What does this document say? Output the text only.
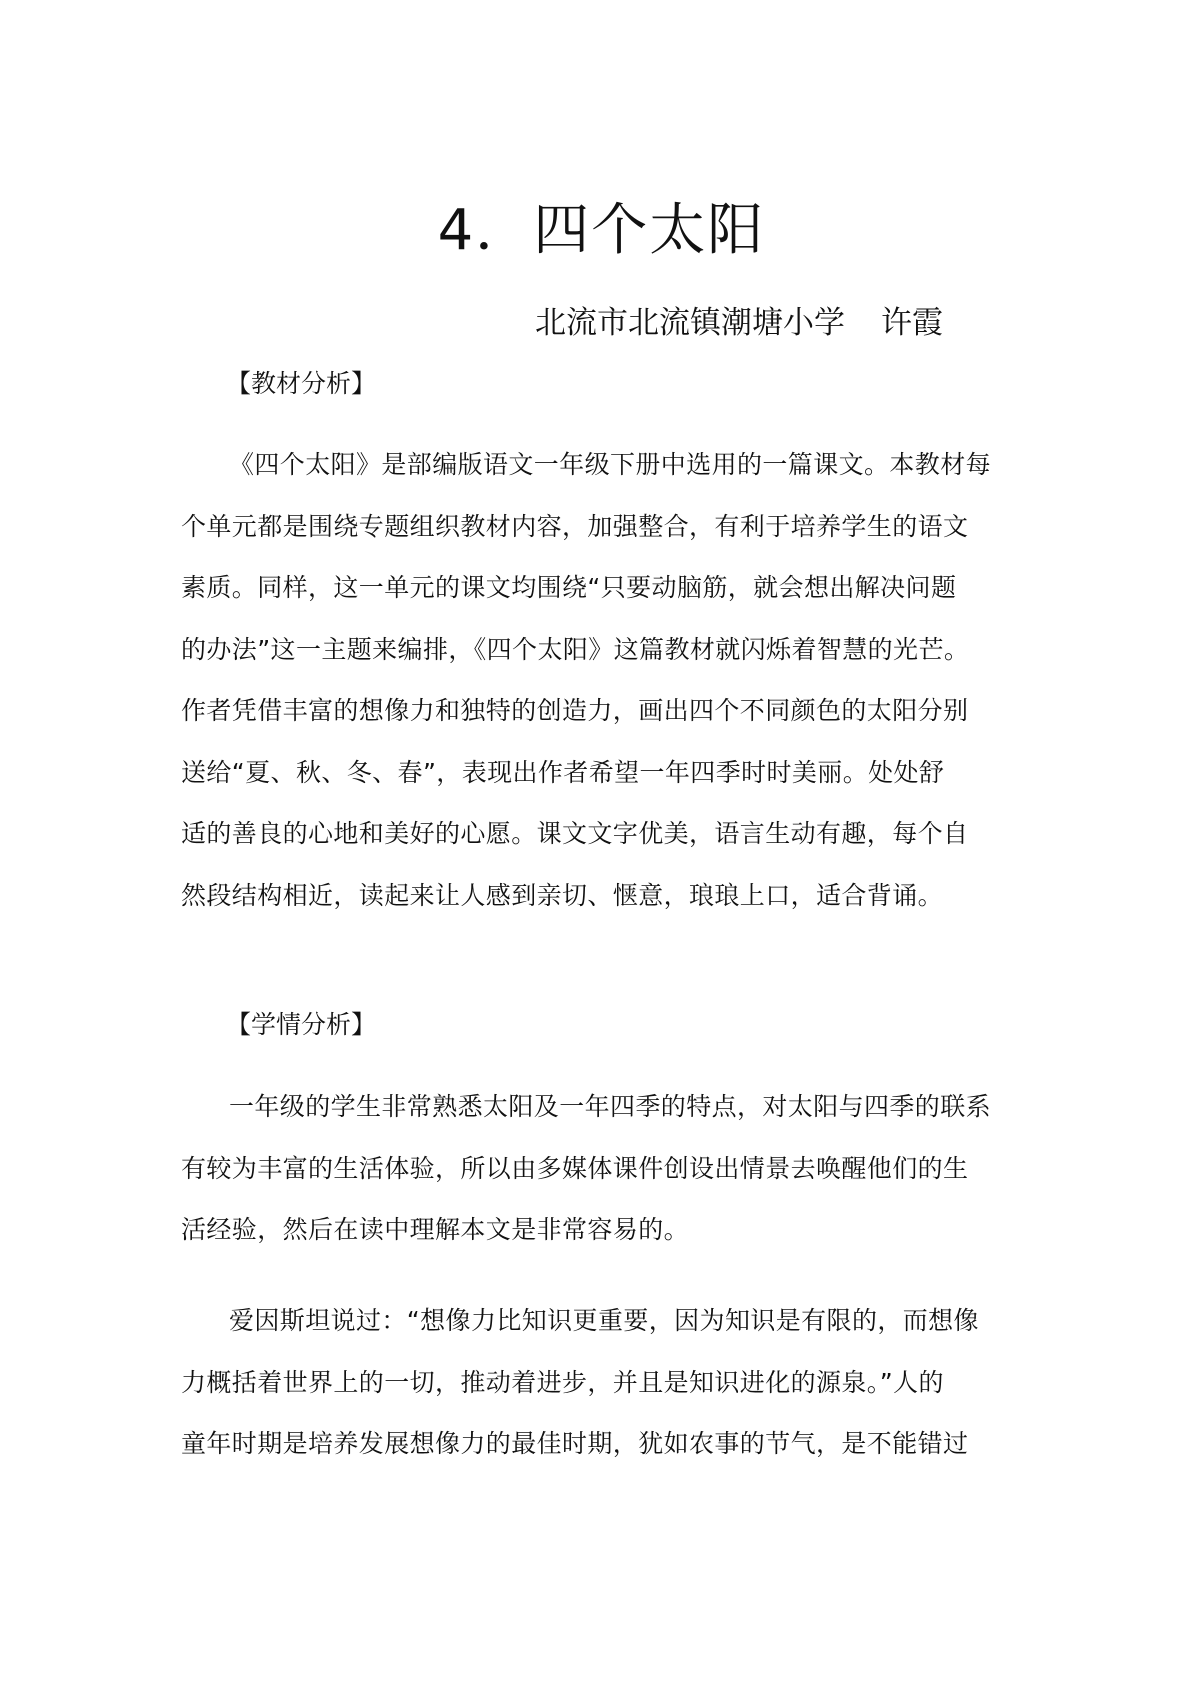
4．四个太阳

北流市北流镇潮塘小学 许霞

【教材分析】
《四个太阳》是部编版语文一年级下册中选用的一篇课文。本教材每
个单元都是围绕专题组织教材内容，加强整合，有利于培养学生的语文
素质。同样，这一单元的课文均围绕“只要动脑筋，就会想出解决问题
的办法”这一主题来编排，《四个太阳》这篇教材就闪烁着智慧的光芒。
作者凭借丰富的想像力和独特的创造力，画出四个不同颜色的太阳分别
送给“夏、秋、冬、春”，表现出作者希望一年四季时时美丽。处处舒
适的善良的心地和美好的心愿。课文文字优美，语言生动有趣，每个自
然段结构相近，读起来让人感到亲切、惬意，琅琅上口，适合背诵。
【学情分析】
一年级的学生非常熟悉太阳及一年四季的特点，对太阳与四季的联系
有较为丰富的生活体验，所以由多媒体课件创设出情景去唤醒他们的生
活经验，然后在读中理解本文是非常容易的。
爱因斯坦说过：“想像力比知识更重要，因为知识是有限的，而想像
力概括着世界上的一切，推动着进步，并且是知识进化的源泉。”人的
童年时期是培养发展想像力的最佳时期，犹如农事的节气，是不能错过
